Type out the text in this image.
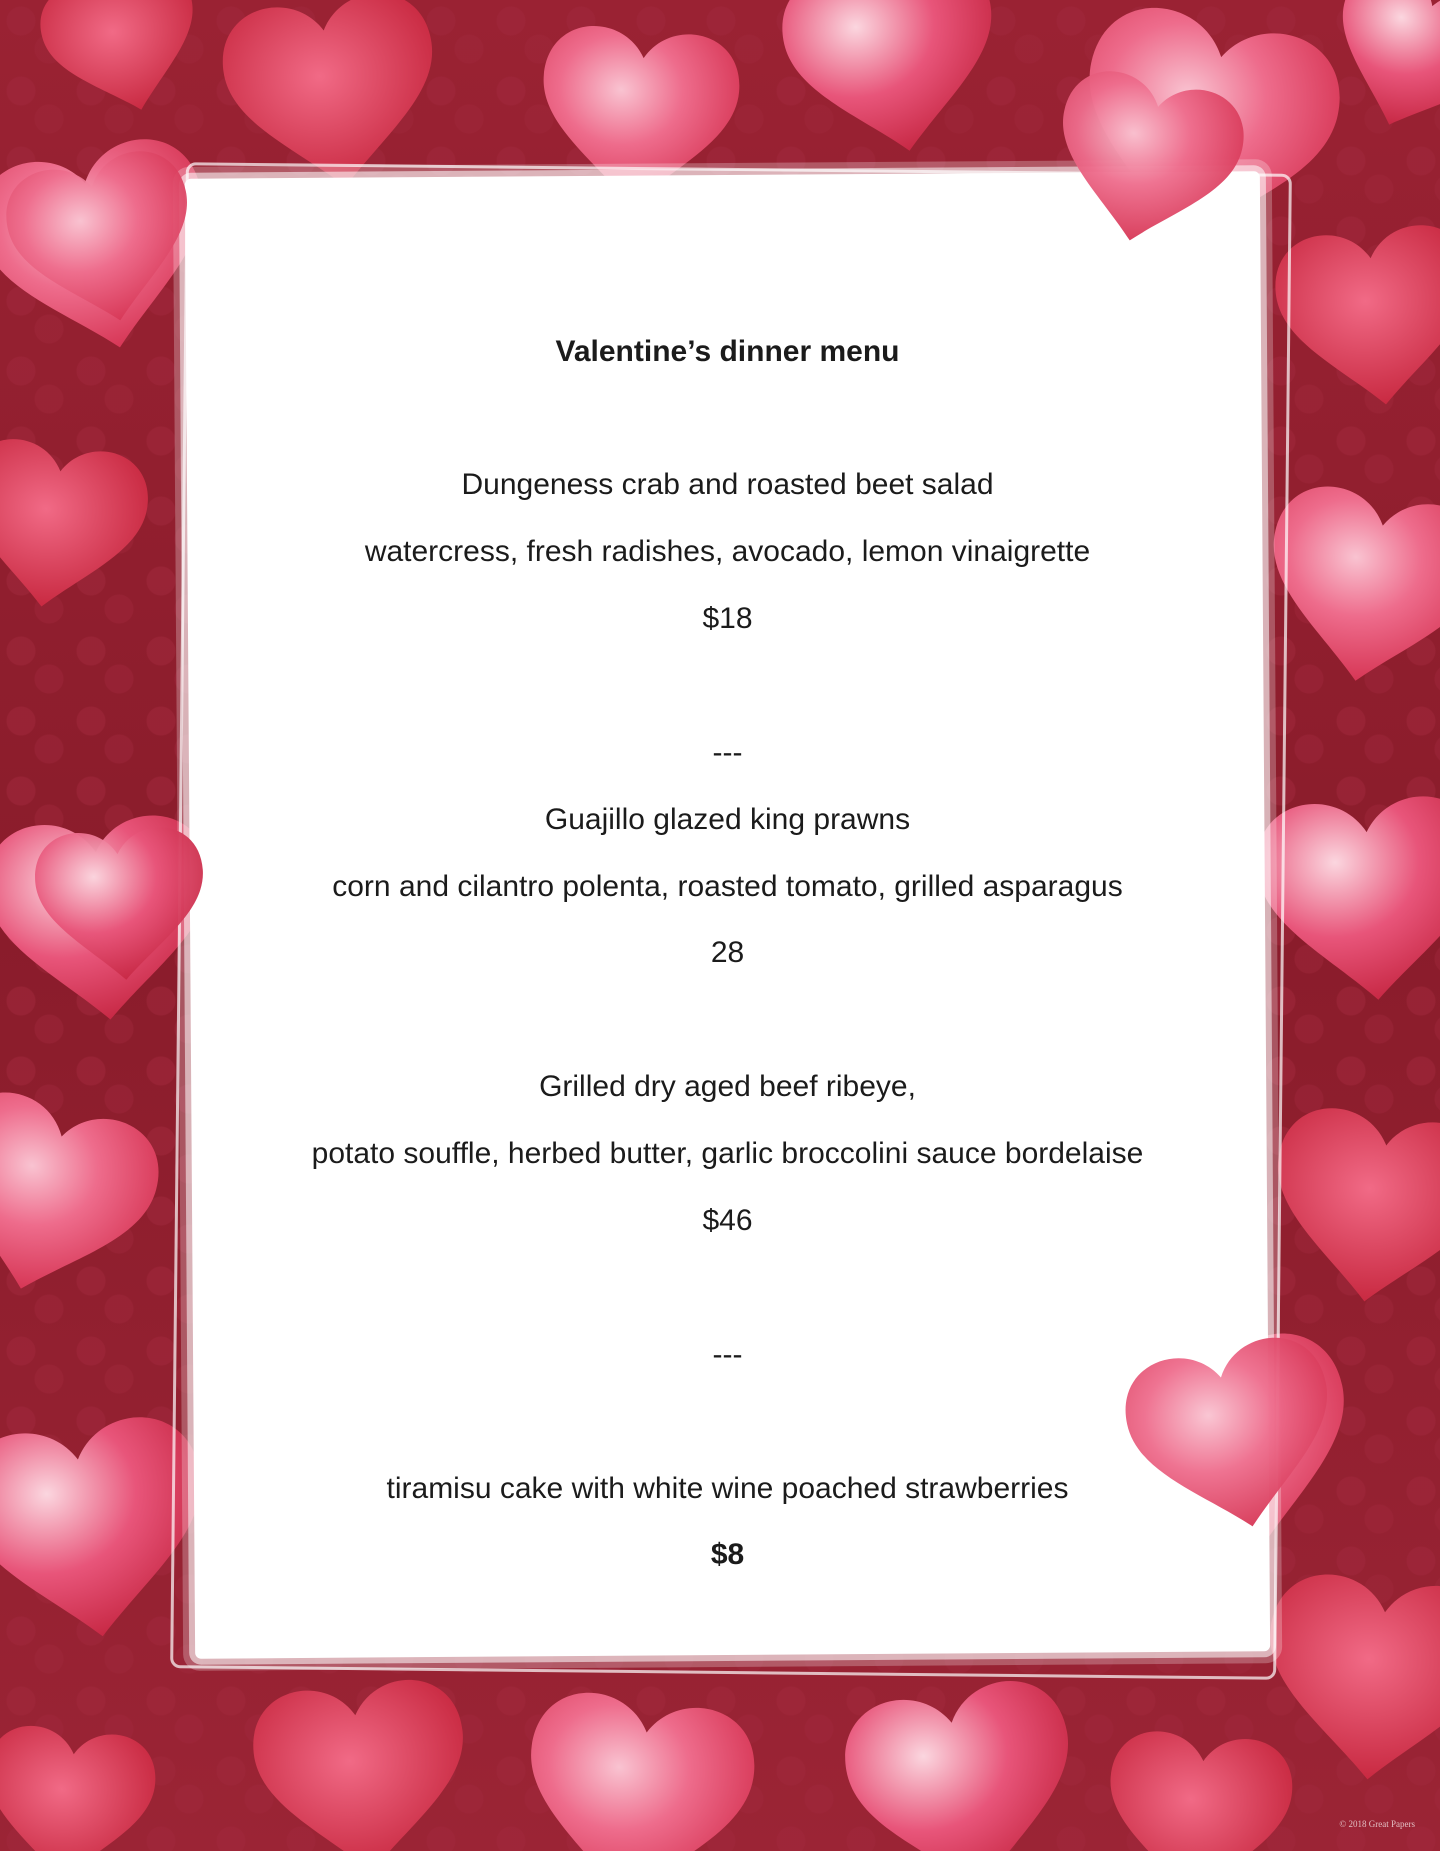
Valentine’s dinner menu

Dungeness crab and roasted beet salad

watercress, fresh radishes, avocado, lemon vinaigrette

$18

---

Guajillo glazed king prawns

corn and cilantro polenta, roasted tomato, grilled asparagus

28

Grilled dry aged beef ribeye,

potato souffle, herbed butter, garlic broccolini sauce bordelaise

$46

---

tiramisu cake with white wine poached strawberries

$8

© 2018 Great Papers
